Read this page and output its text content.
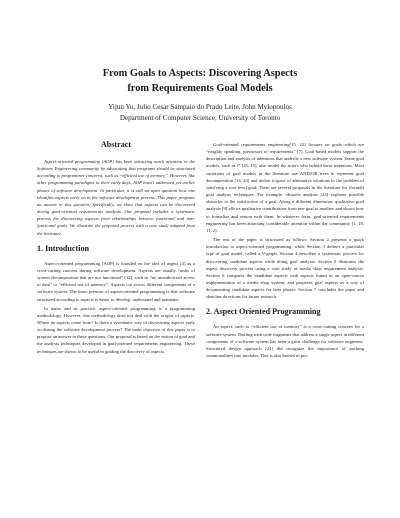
From Goals to Aspects: Discovering Aspects
from Requirements Goal Models
Yijun Yu, Julio Cesar Sampaio do Prado Leite, John Mylopoulos
Department of Computer Science, University of Toronto
Abstract

Aspect-oriented programming (AOP) has been attracting much attention in the Software Engineering community by advocating that programs should be structured according to programmer concerns, such as “efficient use of memory”. However, like other programming paradigms in their early days, AOP hasn't addressed yet earlier phases of software development. In particular, it is still an open question how one identifies aspects early on in the software development process. This paper proposes an answer to this question. Specifically, we show that aspects can be discovered during goal-oriented requirements analysis. Our proposal includes a systematic process for discovering aspects from relationships between functional and non-functional goals. We illustrate the proposed process with a case study adapted from the literature.

1. Introduction

Aspect-oriented programming (AOP) is founded on the idea of aspect [4] as a cross-cutting concern during software development. Aspects are usually “units of system decomposition that are not functional” [12], such as “no unauthorized access to data” or “efficient use of memory”. Aspects cut across different components of a software system. The basic premise of aspect-oriented programming is that software structured according to aspects is easier to develop, understand and maintain.

In name and in practice, aspect-oriented programming is a programming methodology. However, this methodology does not deal with the origins of aspects. Where do aspects come from? Is there a systematic way of discovering aspects early on during the software development process? The main objective of this paper is to propose an answer to these questions. Our proposal is based on the notion of goal and the analysis techniques developed in goal-oriented requirements engineering. These techniques are shown to be useful in guiding the discovery of aspects.

Goal-oriented requirements engineering[15, 22] focuses on goals which are “roughly speaking, precursors of requirements” [7]. Goal-based models support the description and analysis of intentions that underlie a new software system. Some goal models, such as i* [25, 13], also model the actors who behold these intentions. Most variations of goal models in the literature use AND/OR trees to represent goal decomposition [14, 23] and define a space of alternative solutions to the problem of satisfying a root-level goal. There are several proposals in the literature for (formal) goal analysis techniques. For example, obstacle analysis [23] explores possible obstacles to the satisfaction of a goal. Along a different dimension, qualitative goal analysis [9] allows qualitative contributions from one goal to another, and shows how to formalize and reason with them. In whatever form, goal-oriented requirements engineering has been attracting considerable attention within the community [1, 18, 11, 2].

The rest of the paper is structured as follows. Section 2 presents a quick introduction to aspect-oriented programming, while Section 3 defines a particular type of goal model, called a V-graph. Section 4 describes a systematic process for discovering candidate aspects while doing goal analysis; Section 5 illustrates the aspect discovery process using a case study of media shop requirement analysis. Section 6 compares the candidate aspects with aspects found in an open-source implementation of a media shop system, and proposes goal aspects as a way of documenting candidate aspects for later phases. Section 7 concludes the paper and sketches directions for future research.

2. Aspect Oriented Programming

An aspect, such as “efficient use of memory” is a cross-cutting concern for a software system. Dealing with code fragments that address a single aspect in different components of a software system has been a great challenge for software engineers. Structured design approach [24] did recognize the importance of packing commonalities into modules. This is also known in pro-
